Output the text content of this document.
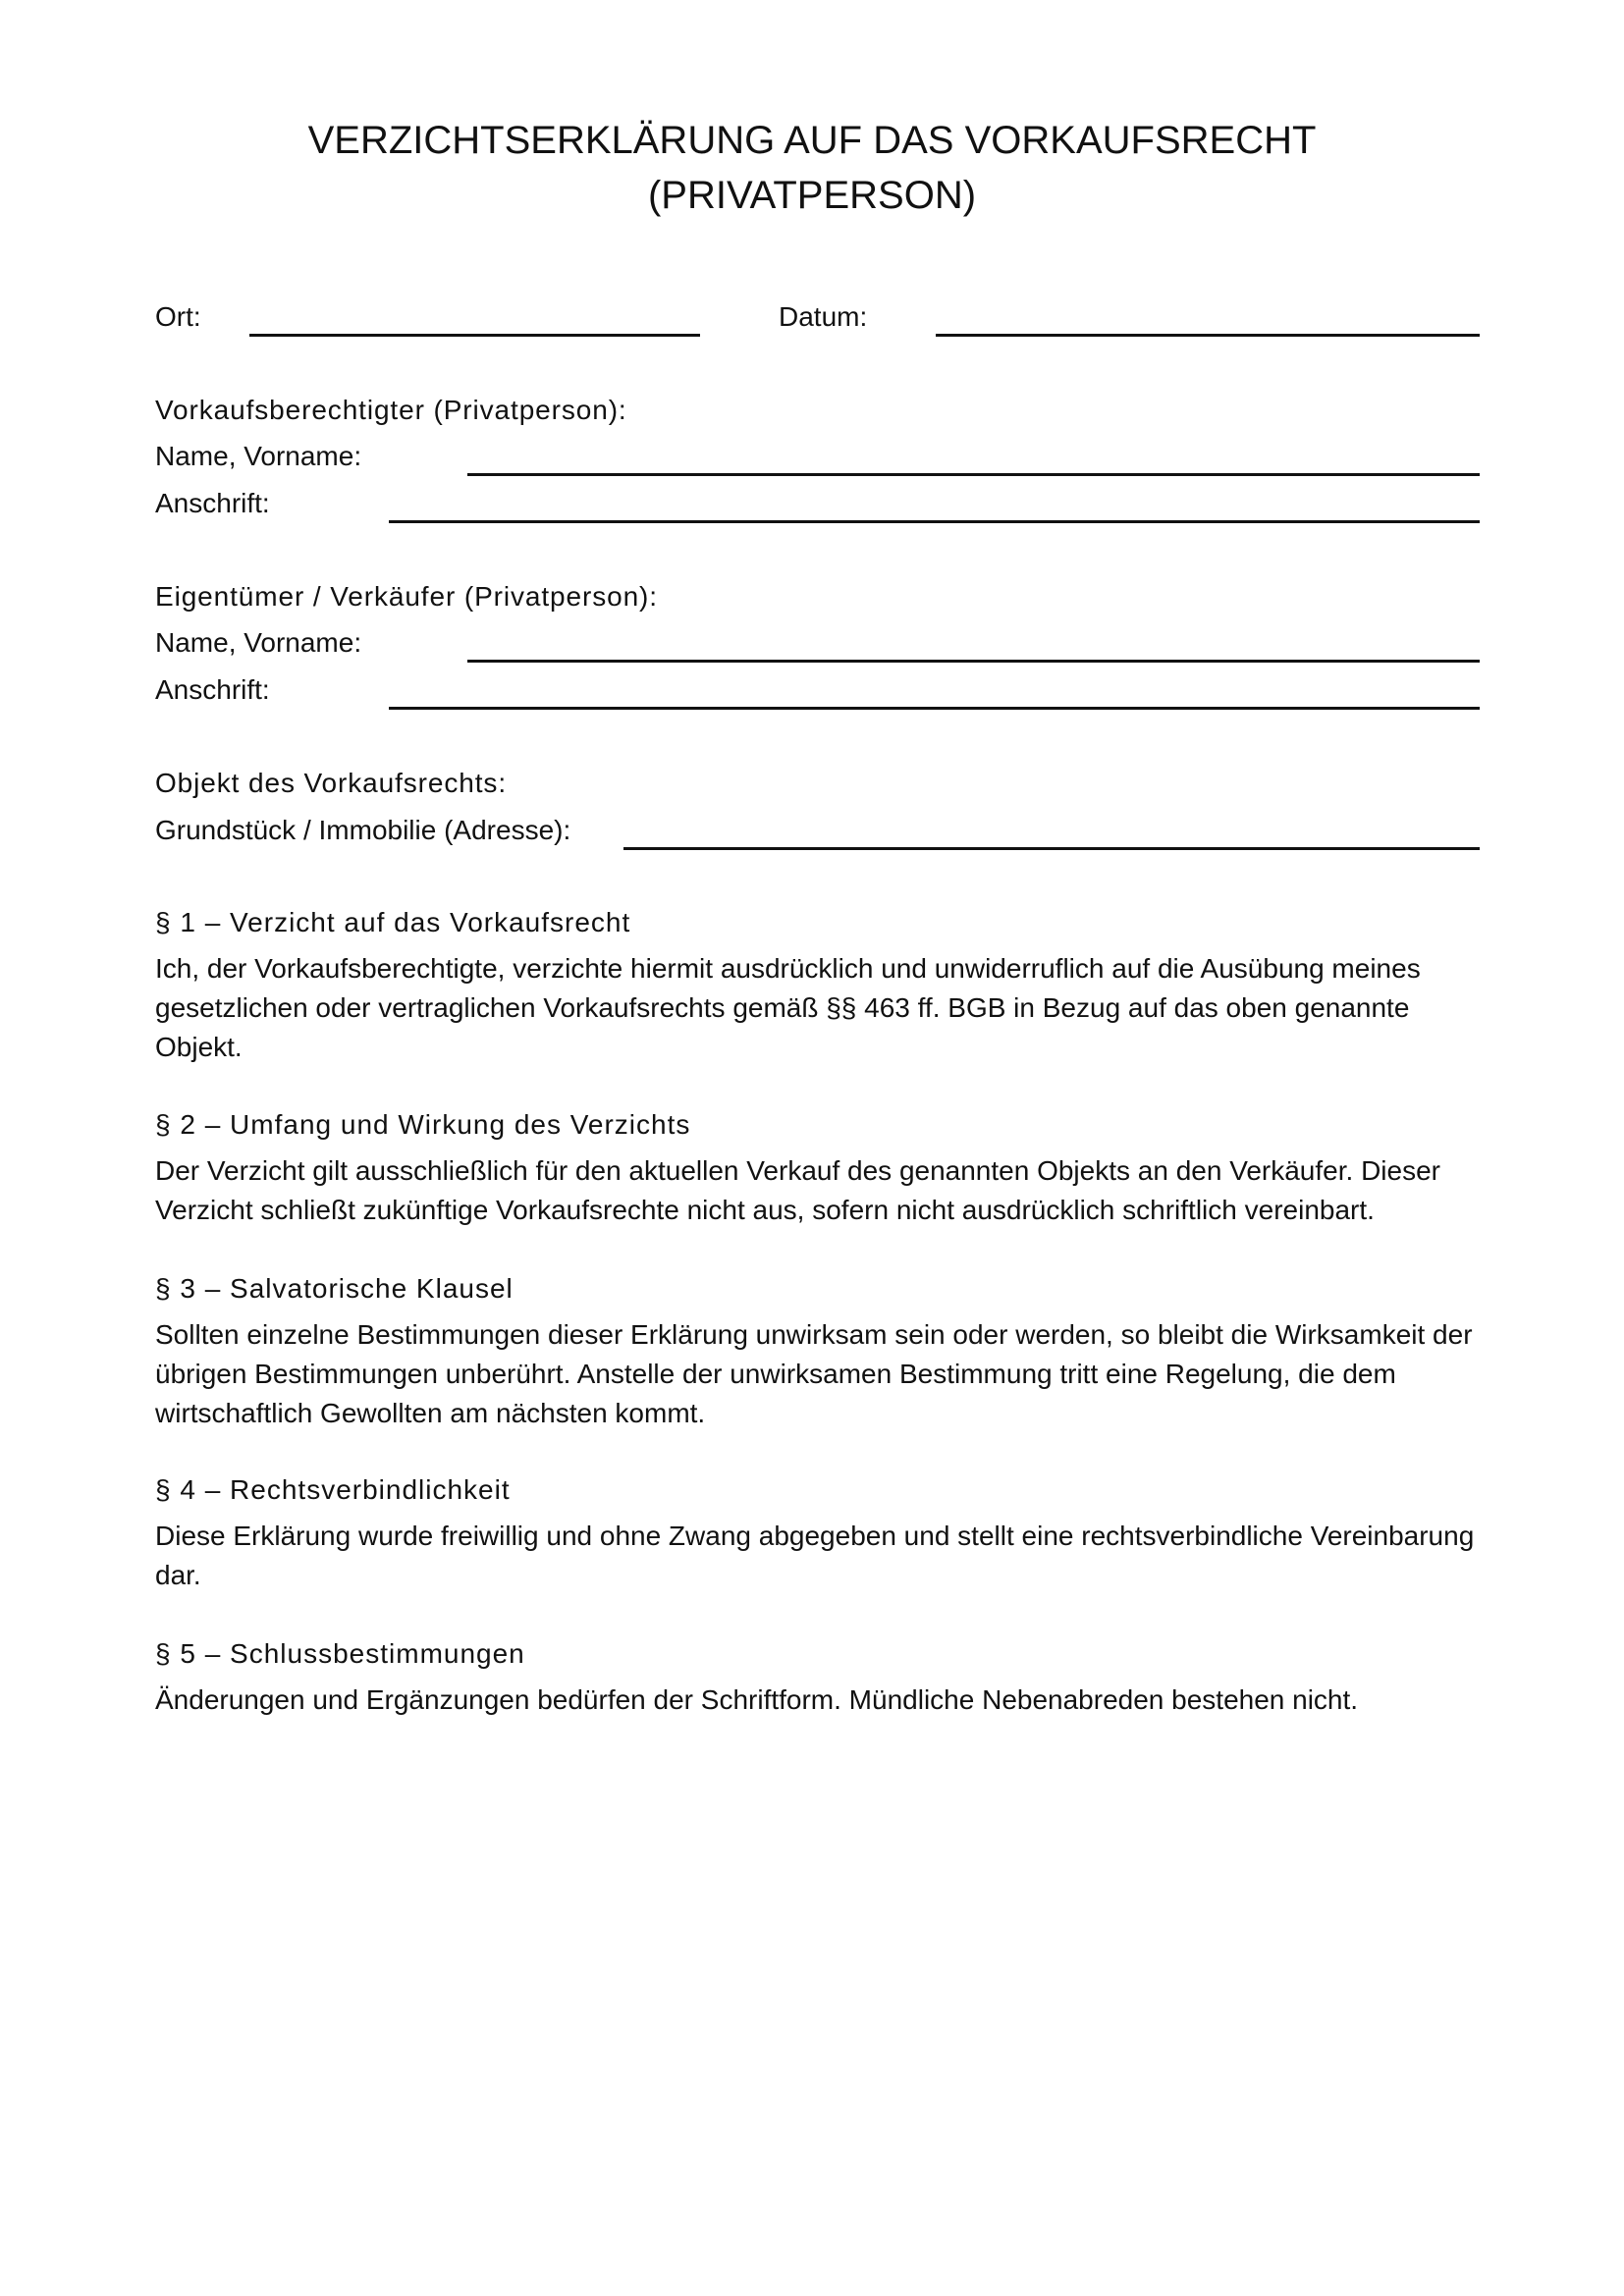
VERZICHTSERKLÄRUNG AUF DAS VORKAUFSRECHT
(PRIVATPERSON)
Ort:	Datum:
Vorkaufsberechtigter (Privatperson):
Name, Vorname:
Anschrift:
Eigentümer / Verkäufer (Privatperson):
Name, Vorname:
Anschrift:
Objekt des Vorkaufsrechts:
Grundstück / Immobilie (Adresse):
§ 1 – Verzicht auf das Vorkaufsrecht
Ich, der Vorkaufsberechtigte, verzichte hiermit ausdrücklich und unwiderruflich auf die Ausübung meines gesetzlichen oder vertraglichen Vorkaufsrechts gemäß §§ 463 ff. BGB in Bezug auf das oben genannte Objekt.
§ 2 – Umfang und Wirkung des Verzichts
Der Verzicht gilt ausschließlich für den aktuellen Verkauf des genannten Objekts an den Verkäufer. Dieser Verzicht schließt zukünftige Vorkaufsrechte nicht aus, sofern nicht ausdrücklich schriftlich vereinbart.
§ 3 – Salvatorische Klausel
Sollten einzelne Bestimmungen dieser Erklärung unwirksam sein oder werden, so bleibt die Wirksamkeit der übrigen Bestimmungen unberührt. Anstelle der unwirksamen Bestimmung tritt eine Regelung, die dem wirtschaftlich Gewollten am nächsten kommt.
§ 4 – Rechtsverbindlichkeit
Diese Erklärung wurde freiwillig und ohne Zwang abgegeben und stellt eine rechtsverbindliche Vereinbarung dar.
§ 5 – Schlussbestimmungen
Änderungen und Ergänzungen bedürfen der Schriftform. Mündliche Nebenabreden bestehen nicht.
